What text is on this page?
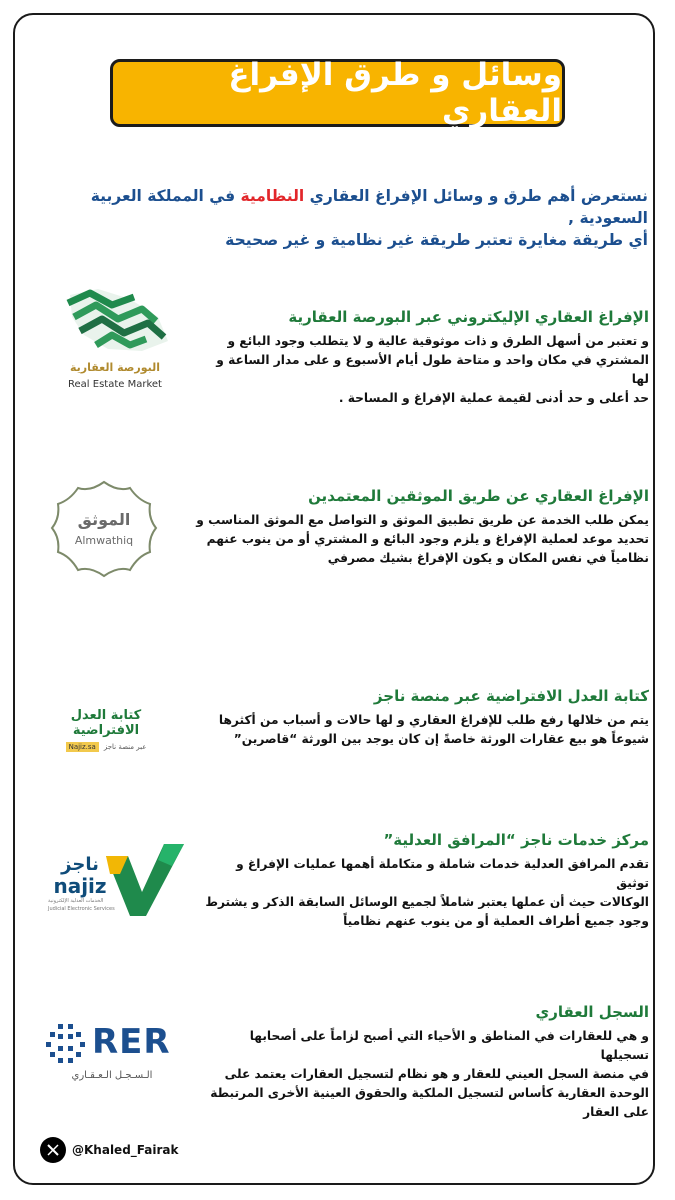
وسائل و طرق الإفراغ العقاري
نستعرض أهم طرق و وسائل الإفراغ العقاري النظامية في المملكة العربية السعودية ,
أي طريقة مغايرة تعتبر طريقة غير نظامية و غير صحيحة
البورصة العقارية
Real Estate Market
الإفراغ العقاري الإليكتروني عبر البورصة العقارية

و تعتبر من أسهل الطرق و ذات موثوقية عالية و لا يتطلب وجود البائع و

المشتري في مكان واحد و متاحة طول أيام الأسبوع و على مدار الساعة و لها

حد أعلى و حد أدنى لقيمة عملية الإفراغ و المساحة .

الموثق
Almwathiq
الإفراغ العقاري عن طريق الموثقين المعتمدين

يمكن طلب الخدمة عن طريق تطبيق الموثق و التواصل مع الموثق المناسب و

تحديد موعد لعملية الإفراغ و يلزم وجود البائع و المشتري أو من ينوب عنهم

نظامياً في نفس المكان و يكون الإفراغ بشيك مصرفي

كتابة العدل الافتراضية
Najiz.sa	عبر منصة ناجز
كتابة العدل الافتراضية عبر منصة ناجز

يتم من خلالها رفع طلب للإفراغ العقاري و لها حالات و أسباب من أكثرها

شيوعاً هو بيع عقارات الورثة خاصةً إن كان يوجد بين الورثة “قاصرين”

ناجز
najiz
الخدمات العدلية الإلكترونية
Judicial Electronic Services
مركز خدمات ناجز “المرافق العدلية”

تقدم المرافق العدلية خدمات شاملة و متكاملة أهمها عمليات الإفراغ و توثيق

الوكالات حيث أن عملها يعتبر شاملاً لجميع الوسائل السابقة الذكر و يشترط

وجود جميع أطراف العملية أو من ينوب عنهم نظامياً

RER
الـسـجـل الـعـقـاري
السجل العقاري

و هي للعقارات في المناطق و الأحياء التي أصبح لزاماً على أصحابها تسجيلها

في منصة السجل العيني للعقار و هو نظام لتسجيل العقارات يعتمد على

الوحدة العقارية كأساس لتسجيل الملكية والحقوق العينية الأخرى المرتبطة

على العقار

@Khaled_Fairak
